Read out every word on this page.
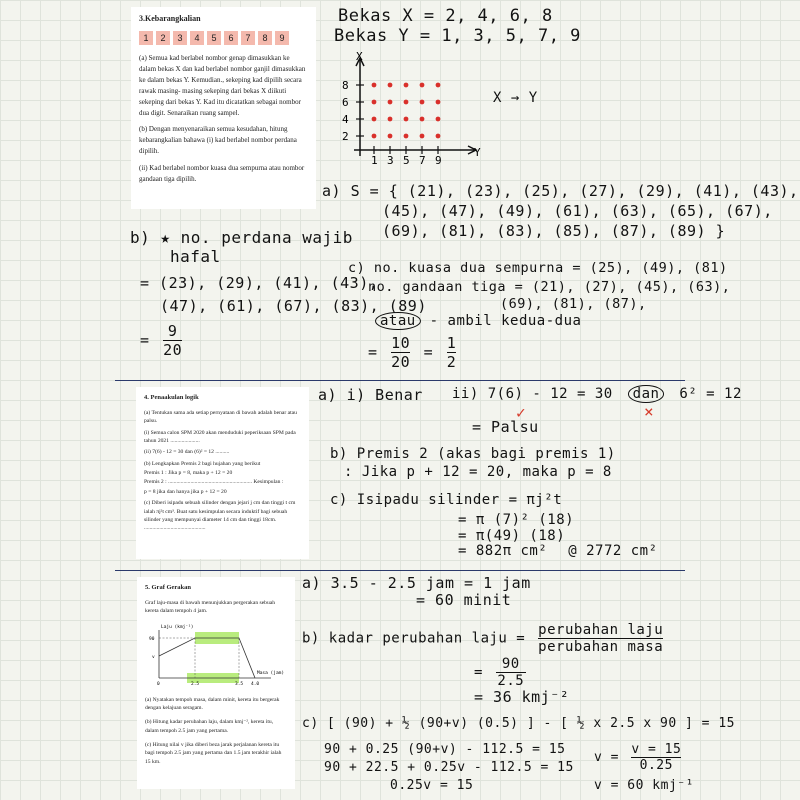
3.Kebarangkalian
1	2	3	4	5	6	7	8	9

(a) Semua kad berlabel nombor genap dimasukkan ke dalam bekas X dan kad berlabel nombor ganjil dimasukkan ke dalam bekas Y. Kemudian., sekeping kad dipilih secara rawak masing- masing sekeping dari bekas X diikuti sekeping dari bekas Y. Kad itu dicatatkan sebagai nombor dua digit. Senaraikan ruang sampel.

(b) Dengan menyenaraikan semua kesudahan, hitung kebarangkalian bahawa (i) kad berlabel nombor perdana dipilih.

(ii) Kad berlabel nombor kuasa dua sempurna atau nombor gandaan tiga dipilih.

Bekas X = 2, 4, 6, 8
Bekas Y = 1, 3, 5, 7, 9
X
Y
1 3 5 7 9
2
4
6
8
X → Y
a) S = { (21), (23), (25), (27), (29), (41), (43),
(45), (47), (49), (61), (63), (65), (67),
(69), (81), (83), (85), (87), (89) }
b) ★ no. perdana wajib
hafal
= (23), (29), (41), (43),
(47), (61), (67), (83), (89)
= $\frac{9}{20}$
c) no. kuasa dua sempurna = (25), (49), (81)
no. gandaan tiga = (21), (27), (45), (63),
(69), (81), (87),
atau - ambil kedua-dua
= $\frac{10}{20} = \frac{1}{2}$
4. Penaakulan logik

(a) Tentukan sama ada setiap pernyataan di bawah adalah benar atau palsu.

(i) Semua calon SPM 2020 akan menduduki peperiksaan SPM pada tahun 2021 .....................

(ii) 7(6) - 12 = 30 dan (6)² = 12 ..........

(b) Lengkapkan Premis 2 bagi hujahan yang berikut

Premis 1 : Jika p = 8, maka p + 12 = 20

Premis 2 : ............................................................ Kesimpulan :

p = 8 jika dan hanya jika p + 12 = 20

(c) Diberi isipadu sebuah silinder dengan jejari j cm dan tinggi t cm ialah πj²t cm³. Buat satu kesimpulan secara induktif bagi sebuah silinder yang mempunyai diameter 14 cm dan tinggi 18cm. ............................................

a) i) Benar ii) 7(6) - 12 = 30 dan 6² = 12
✓	×
= Palsu
b) Premis 2 (akas bagi premis 1)
: Jika p + 12 = 20, maka p = 8
c) Isipadu silinder = πj²t
= π (7)² (18)
= π(49) (18)
= 882π cm² @ 2772 cm²
5. Graf Gerakan

Graf laju-masa di bawah menunjukkan pergerakan sebuah kereta dalam tempoh 4 jam.

Laju (kmj⁻¹)
Masa (jam)
90
v
0	2.5	3.5 4.0

(a) Nyatakan tempoh masa, dalam minit, kereta itu bergerak dengan kelajuan seragam.

(b) Hitung kadar perubahan laju, dalam kmj⁻², kereta itu, dalam tempoh 2.5 jam yang pertama.

(c) Hitung nilai v jika diberi beza jarak perjalanan kereta itu bagi tempoh 2.5 jam yang pertama dan 1.5 jam terakhir ialah 15 km.

a) 3.5 - 2.5 jam = 1 jam
= 60 minit
b) kadar perubahan laju =
perubahan laju
perubahan masa
= $\frac{90}{2.5}$
= 36 kmj⁻²
c) [ (90) + ½ (90+v) (0.5) ] - [ ½ x 2.5 x 90 ] = 15
90 + 0.25 (90+v) - 112.5 = 15
90 + 22.5 + 0.25v - 112.5 = 15
0.25v = 15
$v = \frac{v = 15}{0.25}$
v = 60 kmj⁻¹
